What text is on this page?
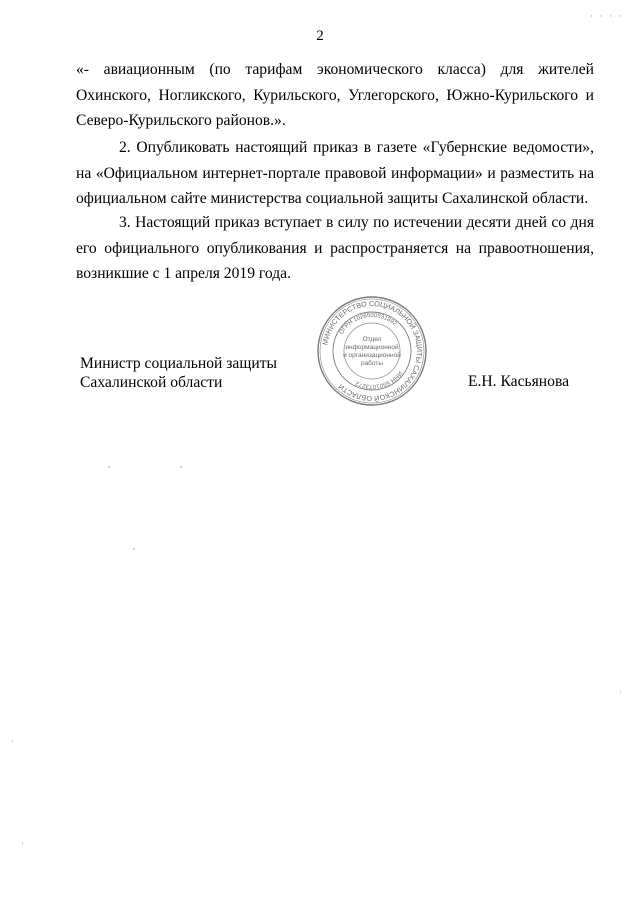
· · · ·
2
«- авиационным (по тарифам экономического класса) для жителей Охинского, Ногликского, Курильского, Углегорского, Южно-Курильского и Северо-Курильского районов.».
2. Опубликовать настоящий приказ в газете «Губернские ведомости», на «Официальном интернет-портале правовой информации» и разместить на официальном сайте министерства социальной защиты Сахалинской области.
3. Настоящий приказ вступает в силу по истечении десяти дней со дня его официального опубликования и распространяется на правоотношения, возникшие с 1 апреля 2019 года.
Министр социальной защиты
Сахалинской области
МИНИСТЕРСТВО СОЦИАЛЬНОЙ ЗАЩИТЫ САХАЛИНСКОЙ ОБЛАСТИ
ОГРН 1026500531892
ИНН 6501073272
Отдел
информационной
и организационной
работы
Е.Н. Касьянова
